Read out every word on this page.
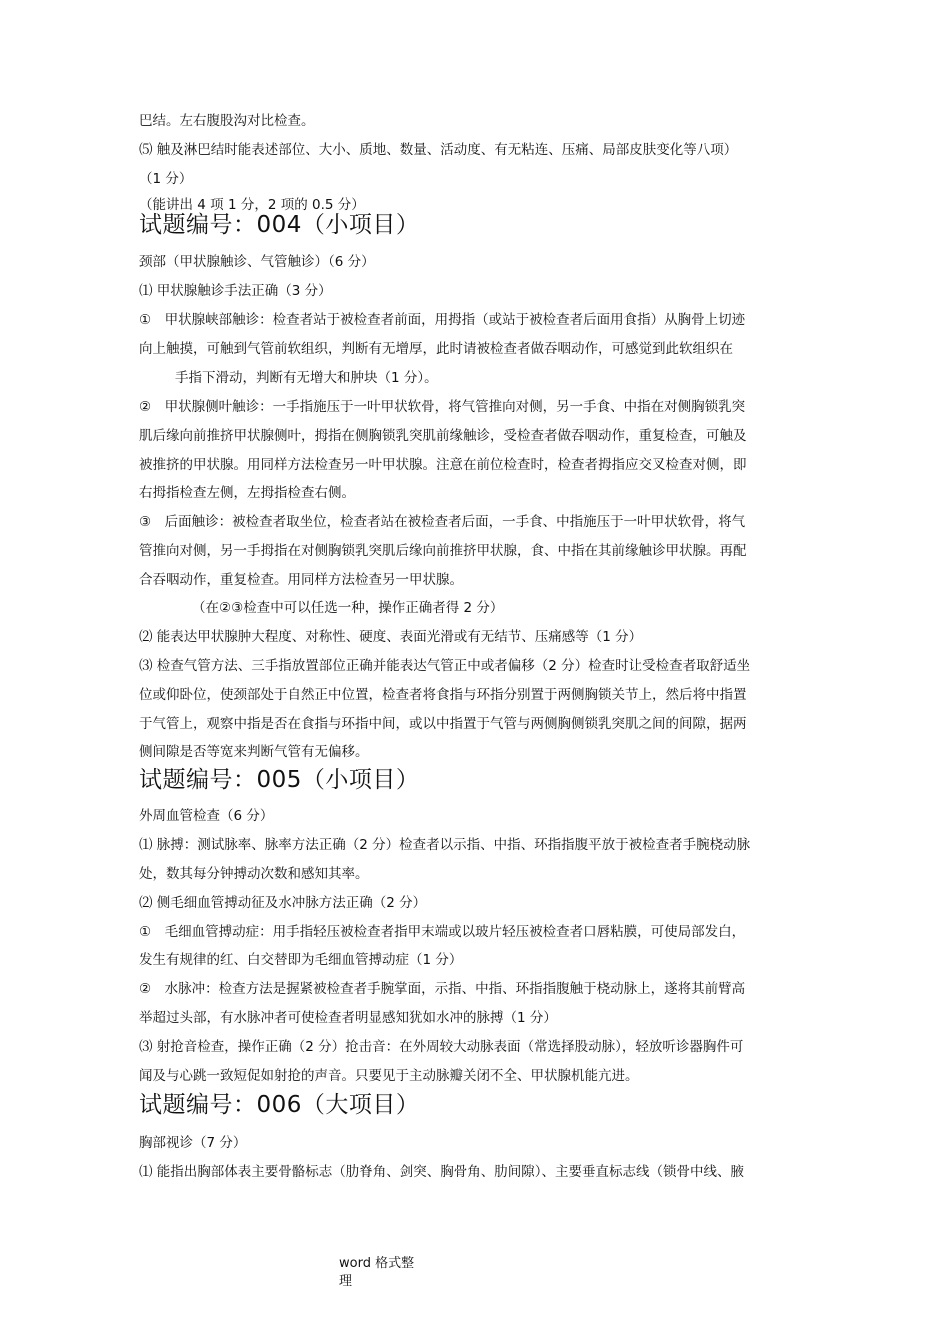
巴结。左右腹股沟对比检查。
⑸ 触及淋巴结时能表述部位、大小、质地、数量、活动度、有无粘连、压痛、局部皮肤变化等八项）
（1 分）
（能讲出 4 项 1 分，2 项的 0.5 分）
试题编号：004（小项目）
颈部（甲状腺触诊、气管触诊）（6 分）
⑴ 甲状腺触诊手法正确（3 分）
①　甲状腺峡部触诊：检查者站于被检查者前面，用拇指（或站于被检查者后面用食指）从胸骨上切迹
向上触摸，可触到气管前软组织，判断有无增厚，此时请被检查者做吞咽动作，可感觉到此软组织在
手指下滑动，判断有无增大和肿块（1 分）。
②　甲状腺侧叶触诊：一手指施压于一叶甲状软骨，将气管推向对侧，另一手食、中指在对侧胸锁乳突
肌后缘向前推挤甲状腺侧叶，拇指在侧胸锁乳突肌前缘触诊，受检查者做吞咽动作，重复检查，可触及
被推挤的甲状腺。用同样方法检查另一叶甲状腺。注意在前位检查时，检查者拇指应交叉检查对侧，即
右拇指检查左侧，左拇指检查右侧。
③　后面触诊：被检查者取坐位，检查者站在被检查者后面，一手食、中指施压于一叶甲状软骨，将气
管推向对侧，另一手拇指在对侧胸锁乳突肌后缘向前推挤甲状腺，食、中指在其前缘触诊甲状腺。再配
合吞咽动作，重复检查。用同样方法检查另一甲状腺。
（在②③检查中可以任选一种，操作正确者得 2 分）
⑵ 能表达甲状腺肿大程度、对称性、硬度、表面光滑或有无结节、压痛感等（1 分）
⑶ 检查气管方法、三手指放置部位正确并能表达气管正中或者偏移（2 分）检查时让受检查者取舒适坐
位或仰卧位，使颈部处于自然正中位置，检查者将食指与环指分别置于两侧胸锁关节上，然后将中指置
于气管上，观察中指是否在食指与环指中间，或以中指置于气管与两侧胸侧锁乳突肌之间的间隙，据两
侧间隙是否等宽来判断气管有无偏移。
试题编号：005（小项目）
外周血管检查（6 分）
⑴ 脉搏：测试脉率、脉率方法正确（2 分）检查者以示指、中指、环指指腹平放于被检查者手腕桡动脉
处，数其每分钟搏动次数和感知其率。
⑵ 侧毛细血管搏动征及水冲脉方法正确（2 分）
①　毛细血管搏动症：用手指轻压被检查者指甲末端或以玻片轻压被检查者口唇粘膜，可使局部发白，
发生有规律的红、白交替即为毛细血管搏动症（1 分）
②　水脉冲：检查方法是握紧被检查者手腕掌面，示指、中指、环指指腹触于桡动脉上，遂将其前臂高
举超过头部，有水脉冲者可使检查者明显感知犹如水冲的脉搏（1 分）
⑶ 射抢音检查，操作正确（2 分）抢击音：在外周较大动脉表面（常选择股动脉），轻放听诊器胸件可
闻及与心跳一致短促如射抢的声音。只要见于主动脉瓣关闭不全、甲状腺机能亢进。
试题编号：006（大项目）
胸部视诊（7 分）
⑴ 能指出胸部体表主要骨骼标志（肋脊角、剑突、胸骨角、肋间隙）、主要垂直标志线（锁骨中线、腋
word 格式整
理
